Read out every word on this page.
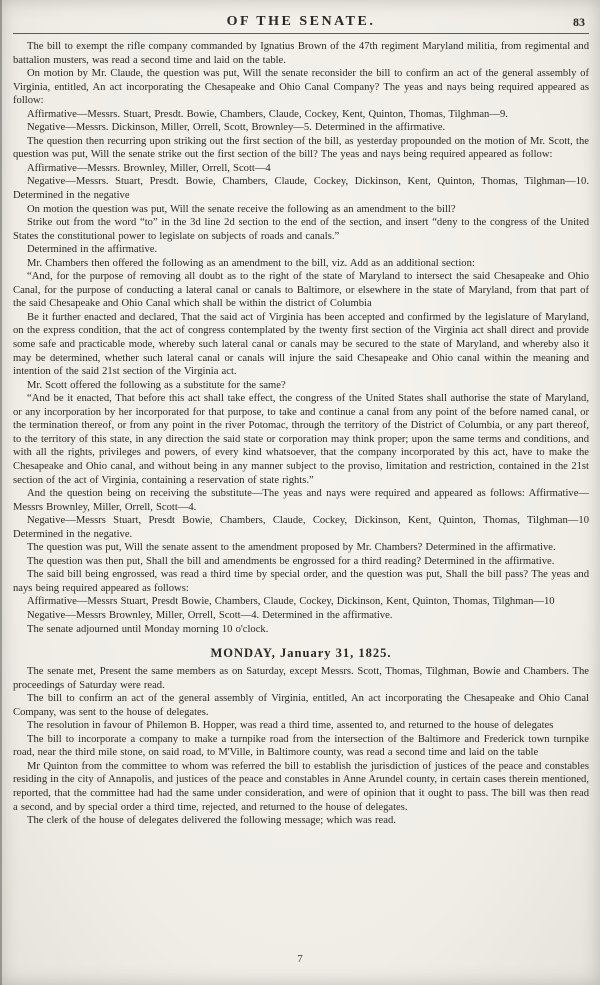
OF THE SENATE.	83

The bill to exempt the rifle company commanded by Ignatius Brown of the 47th regiment Maryland militia, from regimental and battalion musters, was read a second time and laid on the table.

On motion by Mr. Claude, the question was put, Will the senate reconsider the bill to confirm an act of the general assembly of Virginia, entitled, An act incorporating the Chesapeake and Ohio Canal Company? The yeas and nays being required appeared as follow:

Affirmative—Messrs. Stuart, Presdt. Bowie, Chambers, Claude, Cockey, Kent, Quinton, Thomas, Tilghman—9.

Negative—Messrs. Dickinson, Miller, Orrell, Scott, Brownley—5. Determined in the affirmative.

The question then recurring upon striking out the first section of the bill, as yesterday propounded on the motion of Mr. Scott, the question was put, Will the senate strike out the first section of the bill? The yeas and nays being required appeared as follow:

Affirmative—Messrs. Brownley, Miller, Orrell, Scott—4

Negative—Messrs. Stuart, Presdt. Bowie, Chambers, Claude, Cockey, Dickinson, Kent, Quinton, Thomas, Tilghman—10. Determined in the negative

On motion the question was put, Will the senate receive the following as an amendment to the bill?

Strike out from the word “to” in the 3d line 2d section to the end of the section, and insert “deny to the congress of the United States the constitutional power to legislate on subjects of roads and canals.”

Determined in the affirmative.

Mr. Chambers then offered the following as an amendment to the bill, viz. Add as an additional section:

“And, for the purpose of removing all doubt as to the right of the state of Maryland to intersect the said Chesapeake and Ohio Canal, for the purpose of conducting a lateral canal or canals to Baltimore, or elsewhere in the state of Maryland, from that part of the said Chesapeake and Ohio Canal which shall be within the district of Columbia

Be it further enacted and declared, That the said act of Virginia has been accepted and confirmed by the legislature of Maryland, on the express condition, that the act of congress contemplated by the twenty first section of the Virginia act shall direct and provide some safe and practicable mode, whereby such lateral canal or canals may be secured to the state of Maryland, and whereby also it may be determined, whether such lateral canal or canals will injure the said Chesapeake and Ohio canal within the meaning and intention of the said 21st section of the Virginia act.

Mr. Scott offered the following as a substitute for the same?

“And be it enacted, That before this act shall take effect, the congress of the United States shall authorise the state of Maryland, or any incorporation by her incorporated for that purpose, to take and continue a canal from any point of the before named canal, or the termination thereof, or from any point in the river Potomac, through the territory of the District of Columbia, or any part thereof, to the territory of this state, in any direction the said state or corporation may think proper; upon the same terms and conditions, and with all the rights, privileges and powers, of every kind whatsoever, that the company incorporated by this act, have to make the Chesapeake and Ohio canal, and without being in any manner subject to the proviso, limitation and restriction, contained in the 21st section of the act of Virginia, containing a reservation of state rights.”

And the question being on receiving the substitute—The yeas and nays were required and appeared as follows: Affirmative—Messrs Brownley, Miller, Orrell, Scott—4.

Negative—Messrs Stuart, Presdt Bowie, Chambers, Claude, Cockey, Dickinson, Kent, Quinton, Thomas, Tilghman—10 Determined in the negative.

The question was put, Will the senate assent to the amendment proposed by Mr. Chambers? Determined in the affirmative.

The question was then put, Shall the bill and amendments be engrossed for a third reading? Determined in the affirmative.

The said bill being engrossed, was read a third time by special order, and the question was put, Shall the bill pass? The yeas and nays being required appeared as follows:

Affirmative—Messrs Stuart, Presdt Bowie, Chambers, Claude, Cockey, Dickinson, Kent, Quinton, Thomas, Tilghman—10

Negative—Messrs Brownley, Miller, Orrell, Scott—4. Determined in the affirmative.

The senate adjourned until Monday morning 10 o'clock.

MONDAY, January 31, 1825.

The senate met, Present the same members as on Saturday, except Messrs. Scott, Thomas, Tilghman, Bowie and Chambers. The proceedings of Saturday were read.

The bill to confirm an act of the general assembly of Virginia, entitled, An act incorporating the Chesapeake and Ohio Canal Company, was sent to the house of delegates.

The resolution in favour of Philemon B. Hopper, was read a third time, assented to, and returned to the house of delegates

The bill to incorporate a company to make a turnpike road from the intersection of the Baltimore and Frederick town turnpike road, near the third mile stone, on said road, to M'Ville, in Baltimore county, was read a second time and laid on the table

Mr Quinton from the committee to whom was referred the bill to establish the jurisdiction of justices of the peace and constables residing in the city of Annapolis, and justices of the peace and constables in Anne Arundel county, in certain cases therein mentioned, reported, that the committee had had the same under consideration, and were of opinion that it ought to pass. The bill was then read a second, and by special order a third time, rejected, and returned to the house of delegates.

The clerk of the house of delegates delivered the following message; which was read.

7
